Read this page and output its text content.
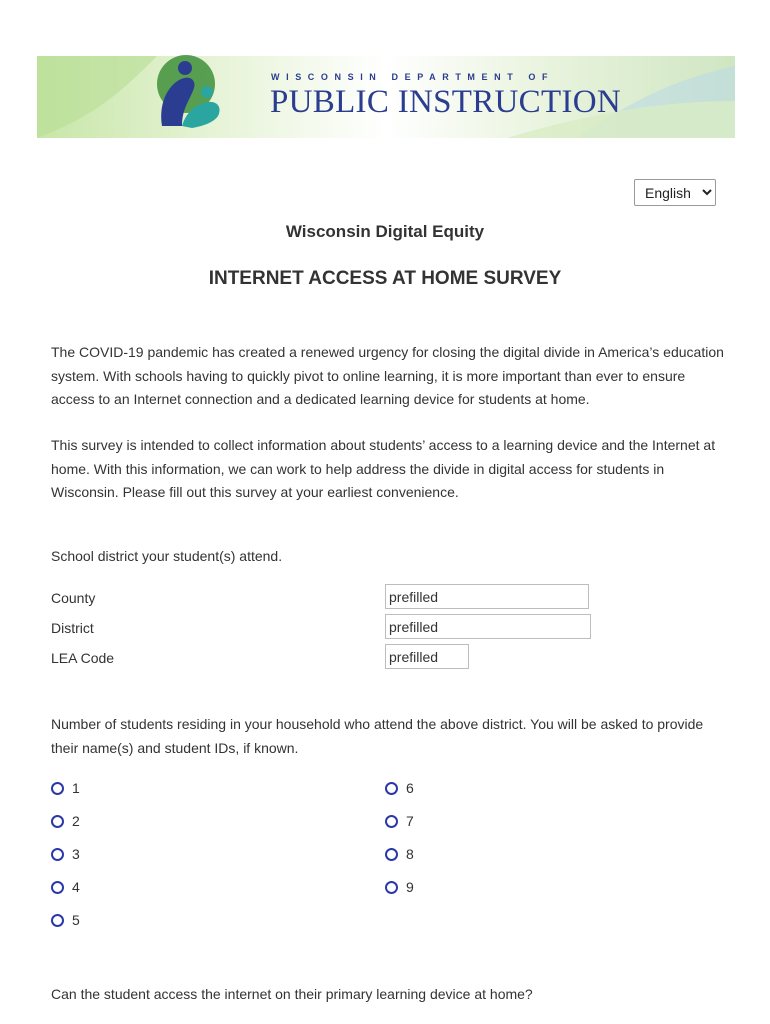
WISCONSIN DEPARTMENT OF
PUBLIC INSTRUCTION
English
Wisconsin Digital Equity
INTERNET ACCESS AT HOME SURVEY

The COVID-19 pandemic has created a renewed urgency for closing the digital divide in America’s education system. With schools having to quickly pivot to online learning, it is more important than ever to ensure access to an Internet connection and a dedicated learning device for students at home.

This survey is intended to collect information about students’ access to a learning device and the Internet at home. With this information, we can work to help address the divide in digital access for students in Wisconsin. Please fill out this survey at your earliest convenience.

School district your student(s) attend.
County
prefilled
District
prefilled
LEA Code
prefilled

Number of students residing in your household who attend the above district. You will be asked to provide their name(s) and student IDs, if known.

1
2
3
4
5
6
7
8
9
Can the student access the internet on their primary learning device at home?
